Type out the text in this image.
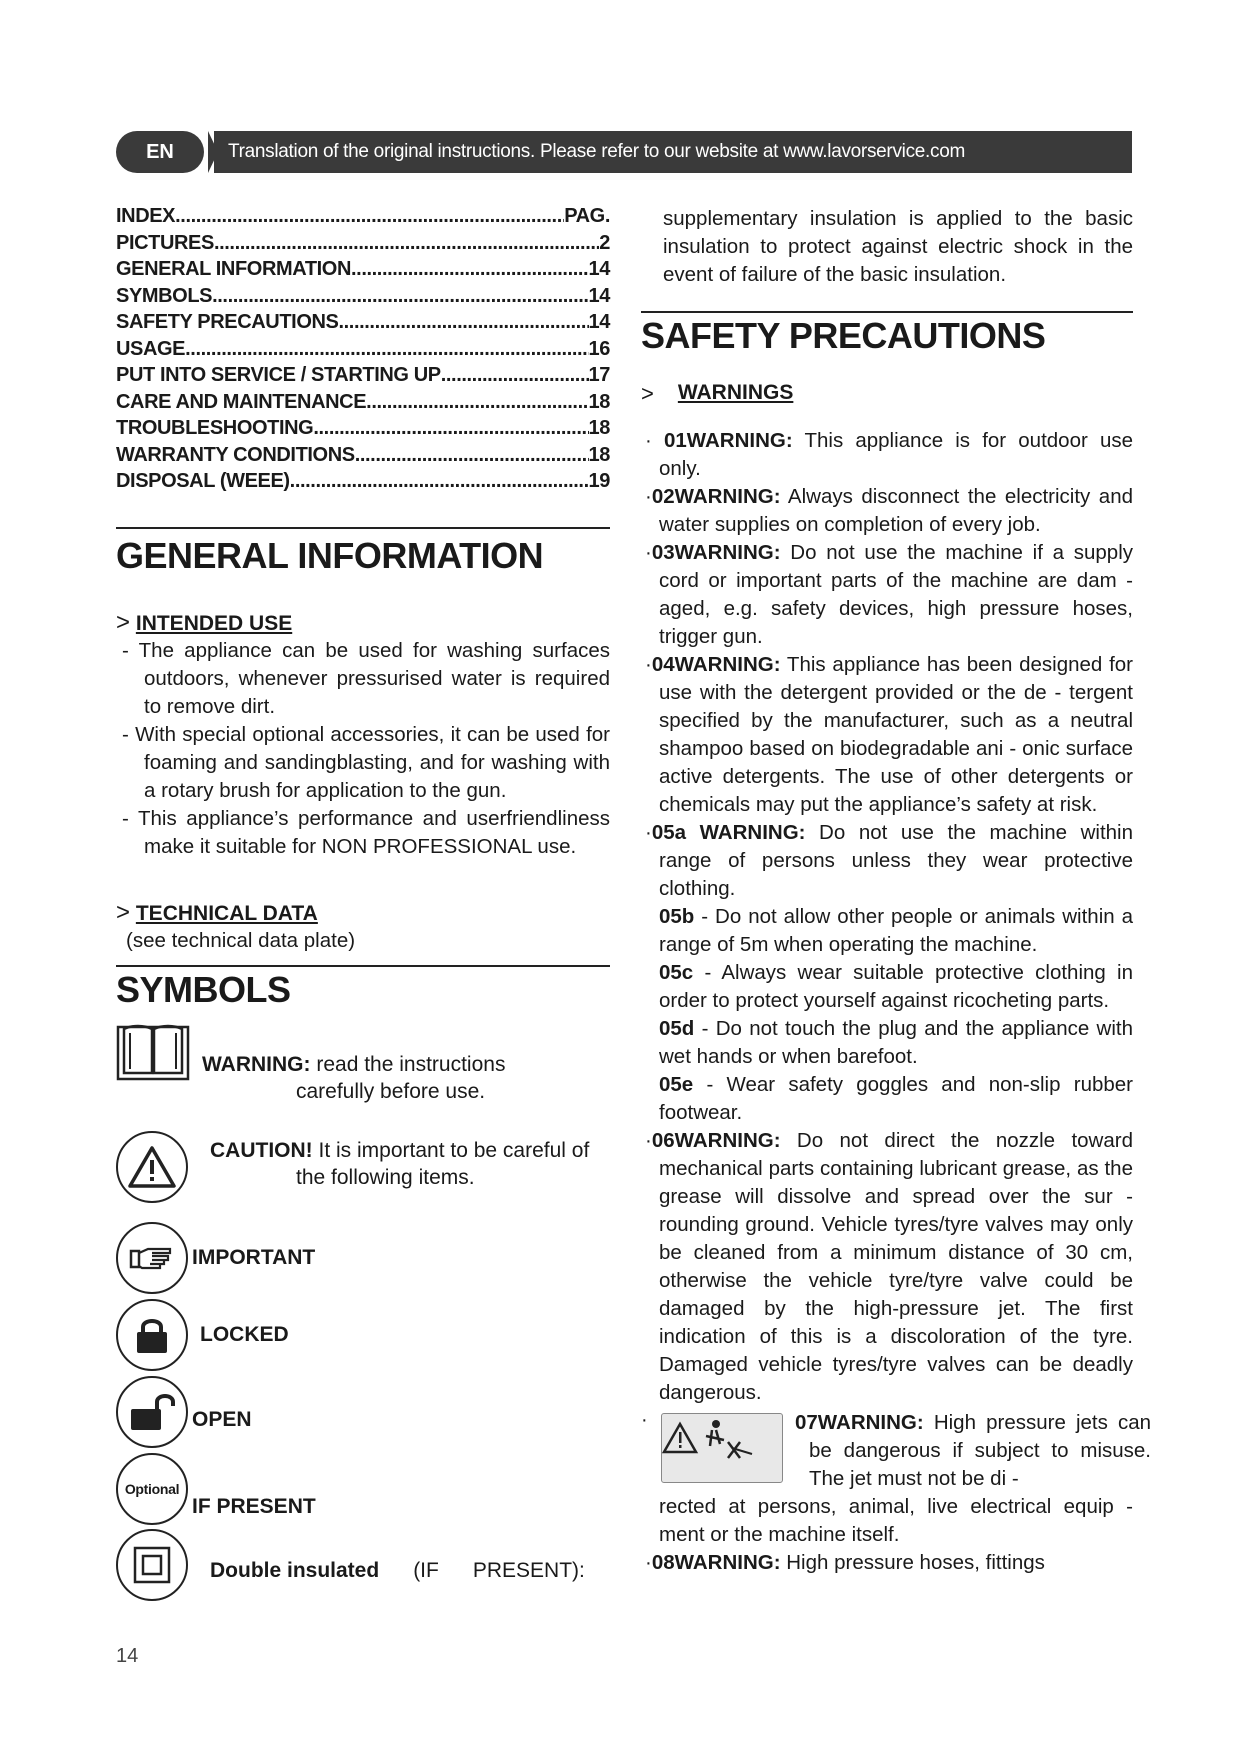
EN	Translation of the original instructions. Please refer to our website at www.lavorservice.com
INDEX .....	PAG.
PICTURES .....	2
GENERAL INFORMATION .....	14
SYMBOLS .....	14
SAFETY PRECAUTIONS .....	14
USAGE .....	16
PUT INTO SERVICE / STARTING UP .....	17
CARE AND MAINTENANCE .....	18
TROUBLESHOOTING .....	18
WARRANTY CONDITIONS .....	18
DISPOSAL (WEEE) .....	19
GENERAL INFORMATION
> INTENDED USE
- The appliance can be used for washing surfaces outdoors, whenever pressurised water is required to remove dirt.
- With special optional accessories, it can be used for foaming and sandingblasting, and for washing with a rotary brush for application to the gun.
- This appliance’s performance and userfriendliness make it suitable for NON PROFESSIONAL use.
> TECHNICAL DATA

(see technical data plate)

SYMBOLS
WARNING: read the instructions
carefully before use.
CAUTION! It is important to be careful of
the following items.
IMPORTANT
LOCKED
OPEN
Optional
IF PRESENT
Double insulated (IF PRESENT):

supplementary insulation is applied to the basic insulation to protect against electric shock in the event of failure of the basic insulation.

SAFETY PRECAUTIONS
> WARNINGS

· 01WARNING: This appliance is for outdoor use only.

·02WARNING: Always disconnect the electricity and water supplies on completion of every job.

·03WARNING: Do not use the machine if a supply cord or important parts of the machine are dam - aged, e.g. safety devices, high pressure hoses, trigger gun.

·04WARNING: This appliance has been designed for use with the detergent provided or the de - tergent specified by the manufacturer, such as a neutral shampoo based on biodegradable ani - onic surface active detergents. The use of other detergents or chemicals may put the appliance’s safety at risk.

·05a WARNING: Do not use the machine within range of persons unless they wear protective clothing.

05b - Do not allow other people or animals within a range of 5m when operating the machine.

05c - Always wear suitable protective clothing in order to protect yourself against ricocheting parts.

05d - Do not touch the plug and the appliance with wet hands or when barefoot.

05e - Wear safety goggles and non-slip rubber footwear.

·06WARNING: Do not direct the nozzle toward mechanical parts containing lubricant grease, as the grease will dissolve and spread over the sur - rounding ground. Vehicle tyres/tyre valves may only be cleaned from a minimum distance of 30 cm, otherwise the vehicle tyre/tyre valve could be damaged by the high-pressure jet. The first indication of this is a discoloration of the tyre. Damaged vehicle tyres/tyre valves can be deadly dangerous.

·	07WARNING: High pressure jets can be dangerous if subject to misuse. The jet must not be di -

rected at persons, animal, live electrical equip - ment or the machine itself.

·08WARNING: High pressure hoses, fittings

14
